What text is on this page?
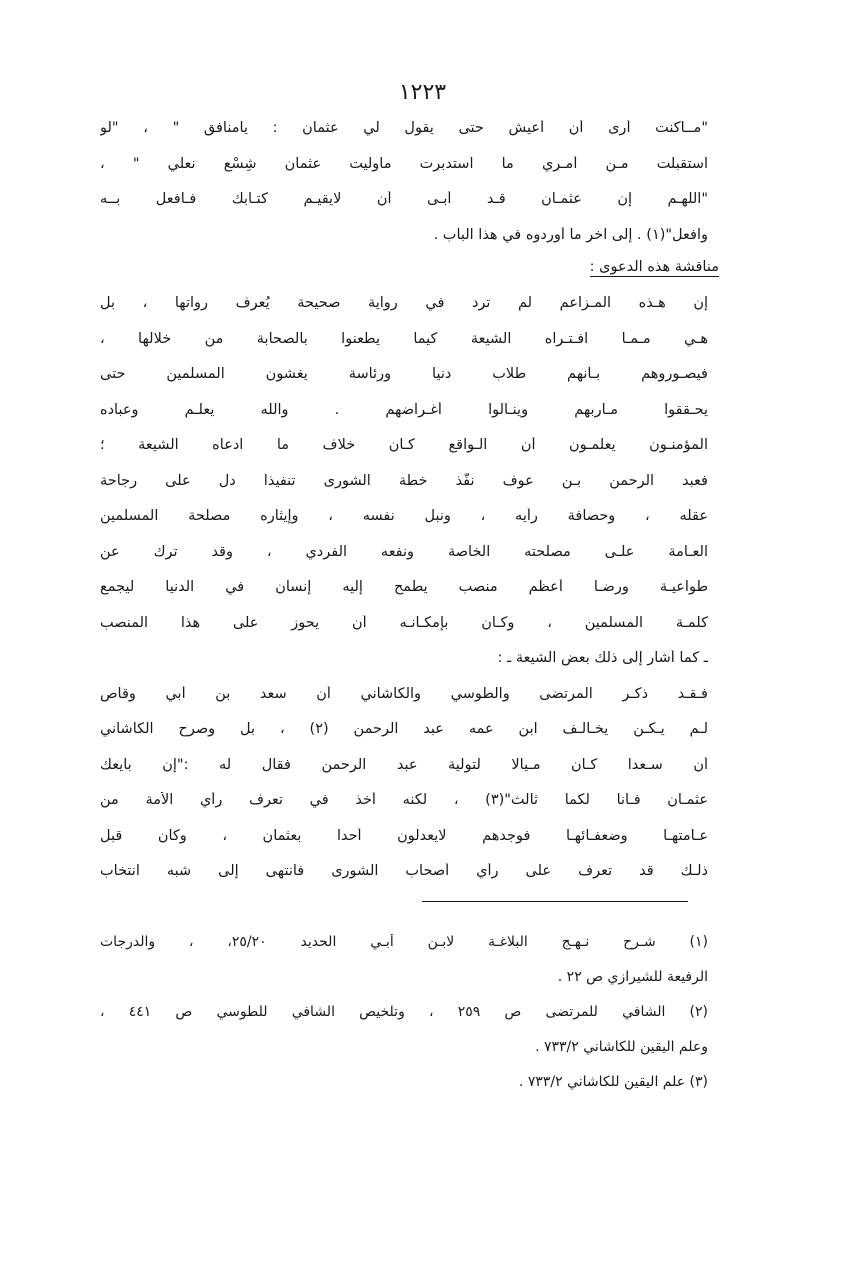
١٢٢٣
"مــاكنت أرى أن أعيش حتى يقول لي عثمان : يامنافق " ، "لو
استقبلت مـن أمـري ما استدبرت ماوليت عثمان شِسْع نعلي " ،
"اللهـم إن عثمـان قـد أبـى أن لايقيـم كتـابك فـافعل بــه
وافعل"(١) . إلى آخر ما أوردوه في هذا الباب .
مناقشة هذه الدعوى :
إن هـذه المـزاعم لم ترد في رواية صحيحة يُعرف رواتها ، بل
هـي مـمـا افـتـراه الشيعة كيما يطعنوا بالصحابة من خلالها ،
فيصـوروهم بـأنهم طلاب دنيا ورئاسة يغشون المسلمين حتى
يحـققوا مـآربهم وينـالوا أغـراضهم . والله يعلـم وعباده
المؤمنـون يعلمـون أن الـواقع كـان خلاف ما ادعاه الشيعة ؛
فعبد الرحمن بـن عوف نفّذ خطة الشورى تنفيذاً دل على رجاحة
عقله ، وحصافة رأيه ، ونبل نفسه ، وإيثاره مصلحة المسلمين
العـامة علـى مصلحته الخاصة ونفعه الفردي ، وقد ترك عن
طواعيـة ورضـا أعظم منصب يطمح إليه إنسان في الدنيا ليجمع
كلمـة المسلمين ، وكـان بإمكـانـه أن يحوز على هذا المنصب
ـ كما أشار إلى ذلك بعض الشيعة ـ :
فـقـد ذكـر المرتضى والطوسي والكاشاني أن سعد بن أبي وقاص
لـم يـكـن يخـالـف ابن عمه عبد الرحمن (٢) ، بل وصرح الكاشاني
أن سـعدا كـان مـيالا لتولية عبد الرحمن فقال له :"إن بايعك
عثمـان فـأنا لكما ثالث"(٣) ، لكنه أخذ في تعرف رأي الأمة من
عـامتهـا وضعفـائهـا فوجدهم لايعدلون أحدا بعثمان ، وكان قبل
ذلـك قد تعرف على رأي أصحاب الشورى فانتهى إلى شبه انتخاب
(١) شـرح نـهـج البلاغـة لابـن أبـي الحديد ٢٥/٢٠، ، والدرجات
الرفيعة للشيرازي ص ٢٢ .
(٢) الشافي للمرتضى ص ٢٥٩ ، وتلخيص الشافي للطوسي ص ٤٤١ ،
وعلم اليقين للكاشاني ٧٣٣/٢ .
(٣) علم اليقين للكاشاني ٧٣٣/٢ .
